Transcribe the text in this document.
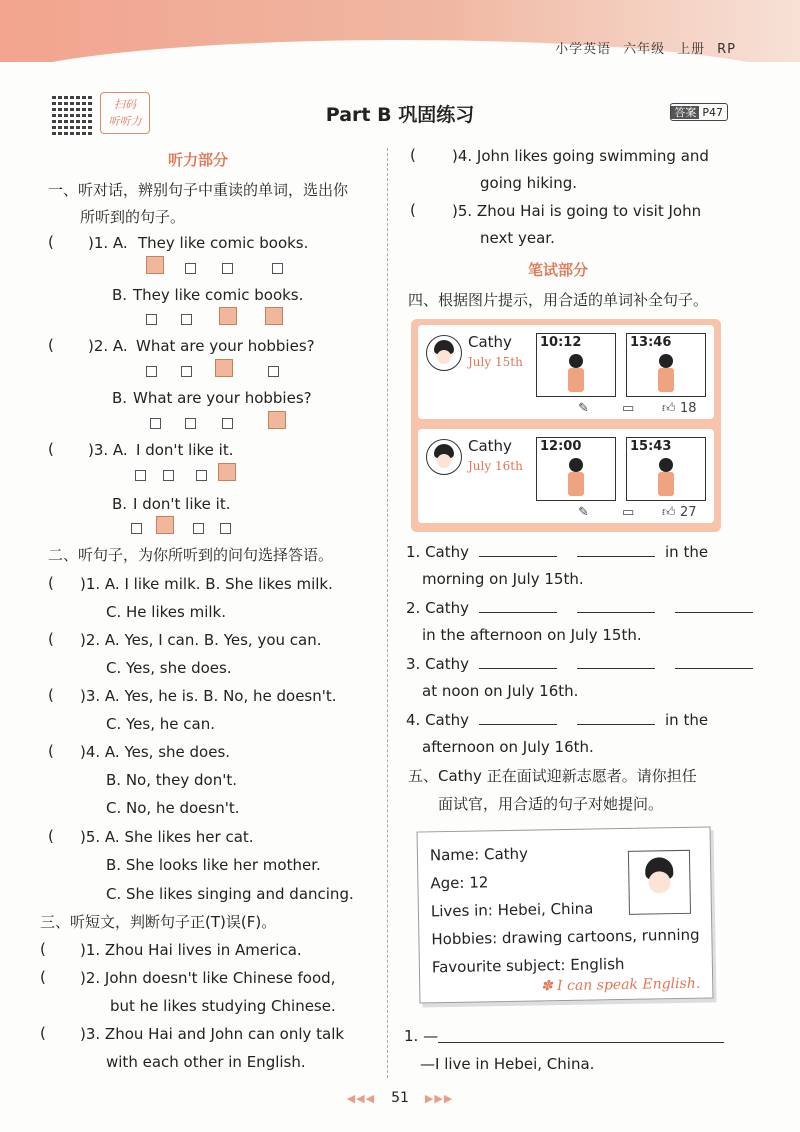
小学英语 六年级 上册 RP
扫码
听听力	Part B 巩固练习	答案 P47
听力部分
一、听对话，辨别句子中重读的单词，选出你
所听到的句子。
( )1. A. They like comic books.
B. They like comic books.
( )2. A. What are your hobbies?
B. What are your hobbies?
( )3. A. I don't like it.
B. I don't like it.
二、听句子，为你所听到的问句选择答语。
( )1. A. I like milk. B. She likes milk.
C. He likes milk.
( )2. A. Yes, I can. B. Yes, you can.
C. Yes, she does.
( )3. A. Yes, he is. B. No, he doesn't.
C. Yes, he can.
( )4. A. Yes, she does.
B. No, they don't.
C. No, he doesn't.
( )5. A. She likes her cat.
B. She looks like her mother.
C. She likes singing and dancing.
三、听短文，判断句子正(T)误(F)。
( )1. Zhou Hai lives in America.
( )2. John doesn't like Chinese food,
but he likes studying Chinese.
( )3. Zhou Hai and John can only talk
with each other in English.
( )4. John likes going swimming and
going hiking.
( )5. Zhou Hai is going to visit John
next year.
笔试部分
四、根据图片提示，用合适的单词补全句子。
Cathy
July 15th
10:12	13:46
✎	▭ 👍︎ 18
Cathy
July 16th
12:00	15:43
✎	▭ 👍︎ 27
1. Cathy	in the
morning on July 15th.
2. Cathy
in the afternoon on July 15th.
3. Cathy
at noon on July 16th.
4. Cathy	in the
afternoon on July 16th.
五、Cathy 正在面试迎新志愿者。请你担任
面试官，用合适的句子对她提问。
Name: Cathy
Age: 12
Lives in: Hebei, China
Hobbies: drawing cartoons, running
Favourite subject: English
✽ I can speak English.
1. —
—I live in Hebei, China.
◀◀◀ 51 ▶▶▶
